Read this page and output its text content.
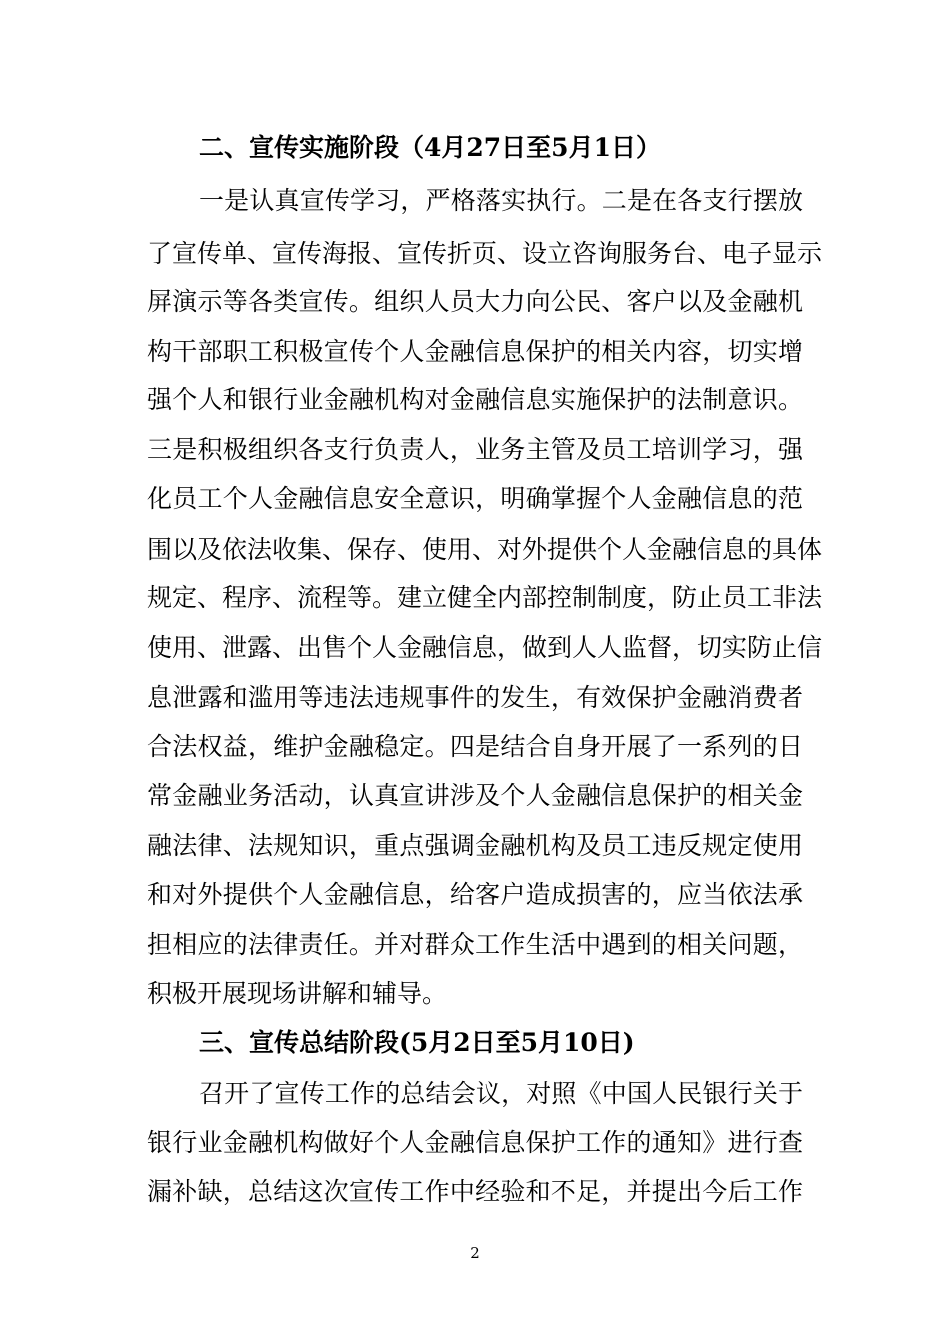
二、宣传实施阶段（4月27日至5月1日）
一是认真宣传学习，严格落实执行。二是在各支行摆放
了宣传单、宣传海报、宣传折页、设立咨询服务台、电子显示
屏演示等各类宣传。组织人员大力向公民、客户以及金融机
构干部职工积极宣传个人金融信息保护的相关内容，切实增
强个人和银行业金融机构对金融信息实施保护的法制意识。
三是积极组织各支行负责人，业务主管及员工培训学习，强
化员工个人金融信息安全意识，明确掌握个人金融信息的范
围以及依法收集、保存、使用、对外提供个人金融信息的具体
规定、程序、流程等。建立健全内部控制制度，防止员工非法
使用、泄露、出售个人金融信息，做到人人监督，切实防止信
息泄露和滥用等违法违规事件的发生，有效保护金融消费者
合法权益，维护金融稳定。四是结合自身开展了一系列的日
常金融业务活动，认真宣讲涉及个人金融信息保护的相关金
融法律、法规知识，重点强调金融机构及员工违反规定使用
和对外提供个人金融信息，给客户造成损害的，应当依法承
担相应的法律责任。并对群众工作生活中遇到的相关问题，
积极开展现场讲解和辅导。
三、宣传总结阶段(5月2日至5月10日)
召开了宣传工作的总结会议，对照《中国人民银行关于
银行业金融机构做好个人金融信息保护工作的通知》进行查
漏补缺，总结这次宣传工作中经验和不足，并提出今后工作
2
